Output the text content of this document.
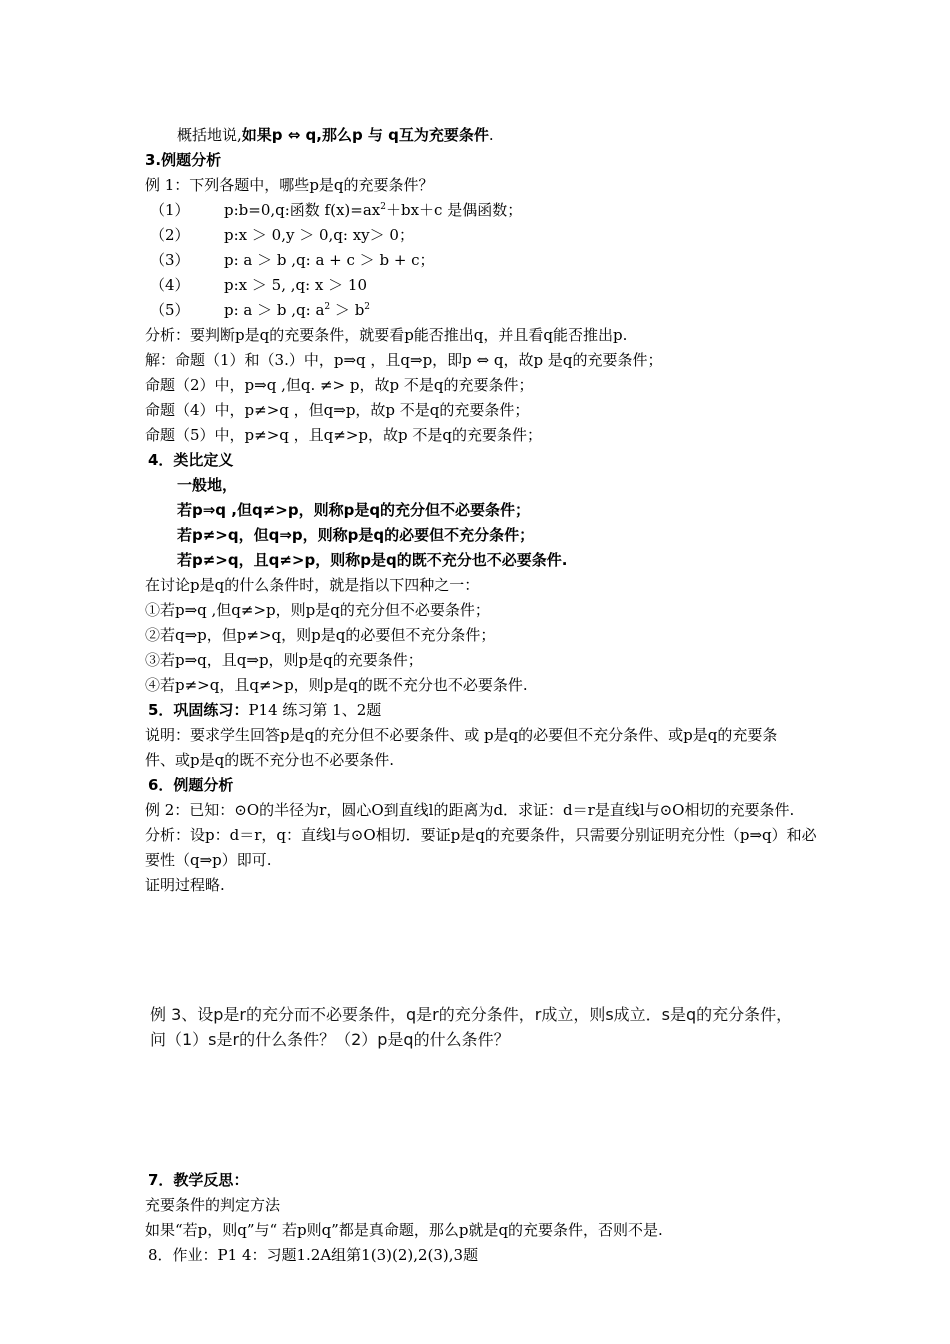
概括地说,如果p ⇔ q,那么p 与 q互为充要条件.
3.例题分析
例 1：下列各题中，哪些p是q的充要条件？
（1） p:b=0,q:函数 $f(x)=ax^2+bx+c$ 是偶函数；
（2） p:x ＞ 0,y ＞ 0,q: xy＞ 0；
（3） p: a ＞ b ,q: a + c ＞ b + c；
（4） p:x ＞ 5, ,q: x ＞ 10
（5） p: a ＞ b ,q: $a^2 > b^2$
分析：要判断p是q的充要条件，就要看p能否推出q，并且看q能否推出p.
解：命题（1）和（3.）中，p⇒q ，且q⇒p，即p ⇔ q，故p 是q的充要条件；
命题（2）中，p⇒q ,但q. ≠> p，故p 不是q的充要条件；
命题（4）中，p≠>q ，但q⇒p，故p 不是q的充要条件；
命题（5）中，p≠>q ，且q≠>p，故p 不是q的充要条件；
4．类比定义
一般地，
若p⇒q ,但q≠>p，则称p是q的充分但不必要条件；
若p≠>q，但q⇒p，则称p是q的必要但不充分条件；
若p≠>q，且q≠>p，则称p是q的既不充分也不必要条件.
在讨论p是q的什么条件时，就是指以下四种之一：
①若p⇒q ,但q≠>p，则p是q的充分但不必要条件；
②若q⇒p，但p≠>q，则p是q的必要但不充分条件；
③若p⇒q，且q⇒p，则p是q的充要条件；
④若p≠>q，且q≠>p，则p是q的既不充分也不必要条件.
5．巩固练习：P14 练习第 1、2题
说明：要求学生回答p是q的充分但不必要条件、或 p是q的必要但不充分条件、或p是q的充要条
件、或p是q的既不充分也不必要条件.
6．例题分析
例 2：已知：⊙O的半径为r，圆心O到直线l的距离为d．求证：d＝r是直线l与⊙O相切的充要条件.
分析：设p：d＝r，q：直线l与⊙O相切．要证p是q的充要条件，只需要分别证明充分性（p⇒q）和必
要性（q⇒p）即可.
证明过程略.
例 3、设p是r的充分而不必要条件，q是r的充分条件，r成立，则s成立．s是q的充分条件，
问（1）s是r的什么条件？（2）p是q的什么条件？
7．教学反思：
充要条件的判定方法
如果“若p，则q”与“ 若p则q”都是真命题，那么p就是q的充要条件，否则不是.
8．作业：P1 4：习题1.2A组第1(3)(2),2(3),3题
